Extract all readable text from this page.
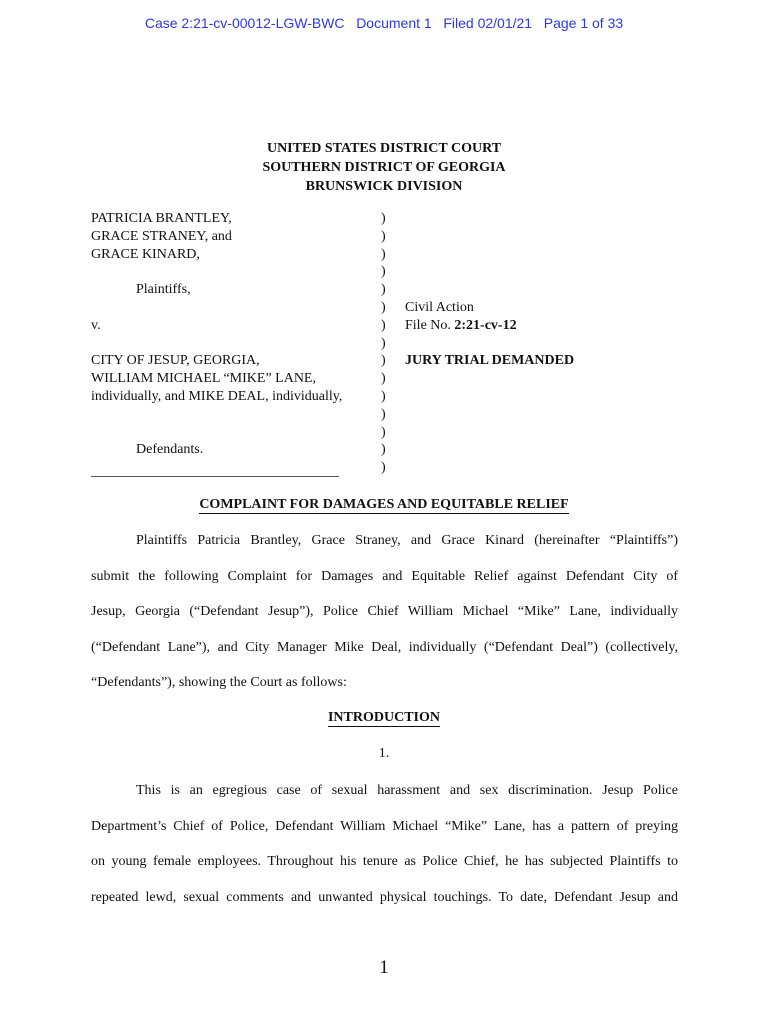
Case 2:21-cv-00012-LGW-BWC   Document 1   Filed 02/01/21   Page 1 of 33
UNITED STATES DISTRICT COURT
SOUTHERN DISTRICT OF GEORGIA
BRUNSWICK DIVISION
PATRICIA BRANTLEY,
GRACE STRANEY, and
GRACE KINARD,
Plaintiffs,
v.
CITY OF JESUP, GEORGIA,
WILLIAM MICHAEL “MIKE” LANE,
individually, and MIKE DEAL, individually,
Defendants.
)
)
)
)
)
)
)
)
)
)
)
)
)
)
)
Civil Action
File No. 2:21-cv-12
JURY TRIAL DEMANDED
COMPLAINT FOR DAMAGES AND EQUITABLE RELIEF
Plaintiffs Patricia Brantley, Grace Straney, and Grace Kinard (hereinafter “Plaintiffs”)
submit the following Complaint for Damages and Equitable Relief against Defendant City of
Jesup, Georgia (“Defendant Jesup”), Police Chief William Michael “Mike” Lane, individually
(“Defendant Lane”), and City Manager Mike Deal, individually (“Defendant Deal”) (collectively,
“Defendants”), showing the Court as follows:
INTRODUCTION
1.
This is an egregious case of sexual harassment and sex discrimination. Jesup Police
Department’s Chief of Police, Defendant William Michael “Mike” Lane, has a pattern of preying
on young female employees. Throughout his tenure as Police Chief, he has subjected Plaintiffs to
repeated lewd, sexual comments and unwanted physical touchings. To date, Defendant Jesup and
1
